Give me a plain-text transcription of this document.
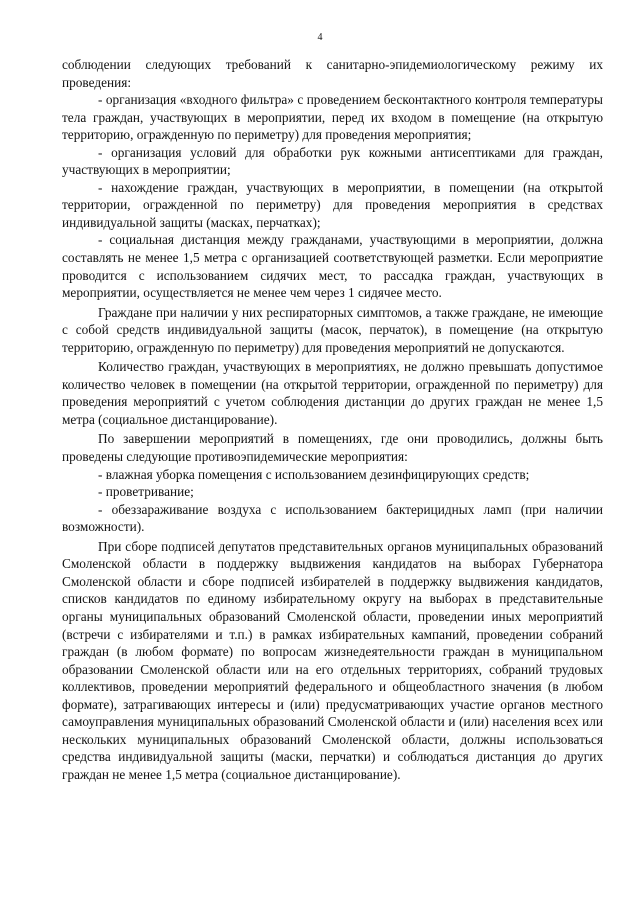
4

соблюдении следующих требований к санитарно-эпидемиологическому режиму их проведения:

- организация «входного фильтра» с проведением бесконтактного контроля температуры тела граждан, участвующих в мероприятии, перед их входом в помещение (на открытую территорию, огражденную по периметру) для проведения мероприятия;

- организация условий для обработки рук кожными антисептиками для граждан, участвующих в мероприятии;

- нахождение граждан, участвующих в мероприятии, в помещении (на открытой территории, огражденной по периметру) для проведения мероприятия в средствах индивидуальной защиты (масках, перчатках);

- социальная дистанция между гражданами, участвующими в мероприятии, должна составлять не менее 1,5 метра с организацией соответствующей разметки. Если мероприятие проводится с использованием сидячих мест, то рассадка граждан, участвующих в мероприятии, осуществляется не менее чем через 1 сидячее место.

Граждане при наличии у них респираторных симптомов, а также граждане, не имеющие с собой средств индивидуальной защиты (масок, перчаток), в помещение (на открытую территорию, огражденную по периметру) для проведения мероприятий не допускаются.

Количество граждан, участвующих в мероприятиях, не должно превышать допустимое количество человек в помещении (на открытой территории, огражденной по периметру) для проведения мероприятий с учетом соблюдения дистанции до других граждан не менее 1,5 метра (социальное дистанцирование).

По завершении мероприятий в помещениях, где они проводились, должны быть проведены следующие противоэпидемические мероприятия:

- влажная уборка помещения с использованием дезинфицирующих средств;

- проветривание;

- обеззараживание воздуха с использованием бактерицидных ламп (при наличии возможности).

При сборе подписей депутатов представительных органов муниципальных образований Смоленской области в поддержку выдвижения кандидатов на выборах Губернатора Смоленской области и сборе подписей избирателей в поддержку выдвижения кандидатов, списков кандидатов по единому избирательному округу на выборах в представительные органы муниципальных образований Смоленской области, проведении иных мероприятий (встречи с избирателями и т.п.) в рамках избирательных кампаний, проведении собраний граждан (в любом формате) по вопросам жизнедеятельности граждан в муниципальном образовании Смоленской области или на его отдельных территориях, собраний трудовых коллективов, проведении мероприятий федерального и общеобластного значения (в любом формате), затрагивающих интересы и (или) предусматривающих участие органов местного самоуправления муниципальных образований Смоленской области и (или) населения всех или нескольких муниципальных образований Смоленской области, должны использоваться средства индивидуальной защиты (маски, перчатки) и соблюдаться дистанция до других граждан не менее 1,5 метра (социальное дистанцирование).
